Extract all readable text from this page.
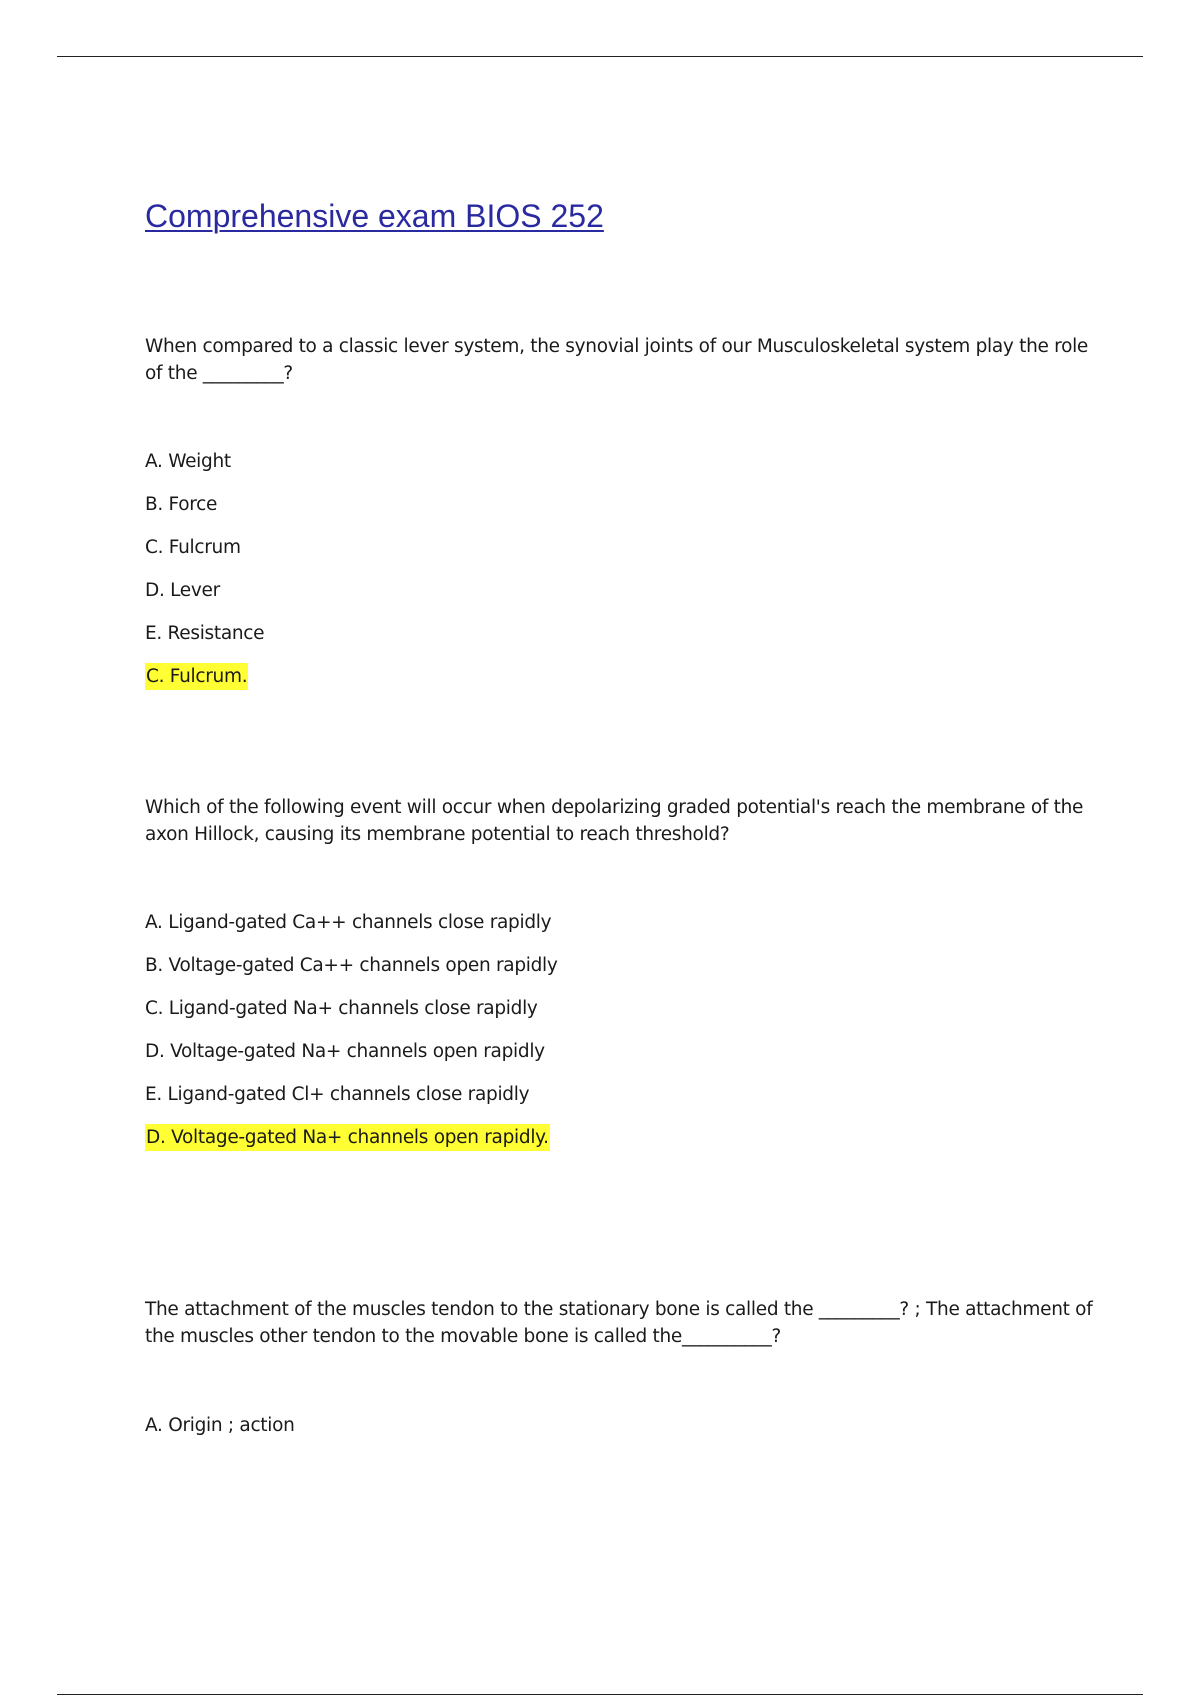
Comprehensive exam BIOS 252

When compared to a classic lever system, the synovial joints of our Musculoskeletal system play the role of the _________?

A. Weight
B. Force
C. Fulcrum
D. Lever
E. Resistance
C. Fulcrum.

Which of the following event will occur when depolarizing graded potential's reach the membrane of the axon Hillock, causing its membrane potential to reach threshold?

A. Ligand-gated Ca++ channels close rapidly
B. Voltage-gated Ca++ channels open rapidly
C. Ligand-gated Na+ channels close rapidly
D. Voltage-gated Na+ channels open rapidly
E. Ligand-gated Cl+ channels close rapidly
D. Voltage-gated Na+ channels open rapidly.

The attachment of the muscles tendon to the stationary bone is called the _________? ; The attachment of the muscles other tendon to the movable bone is called the__________?

A. Origin ; action
